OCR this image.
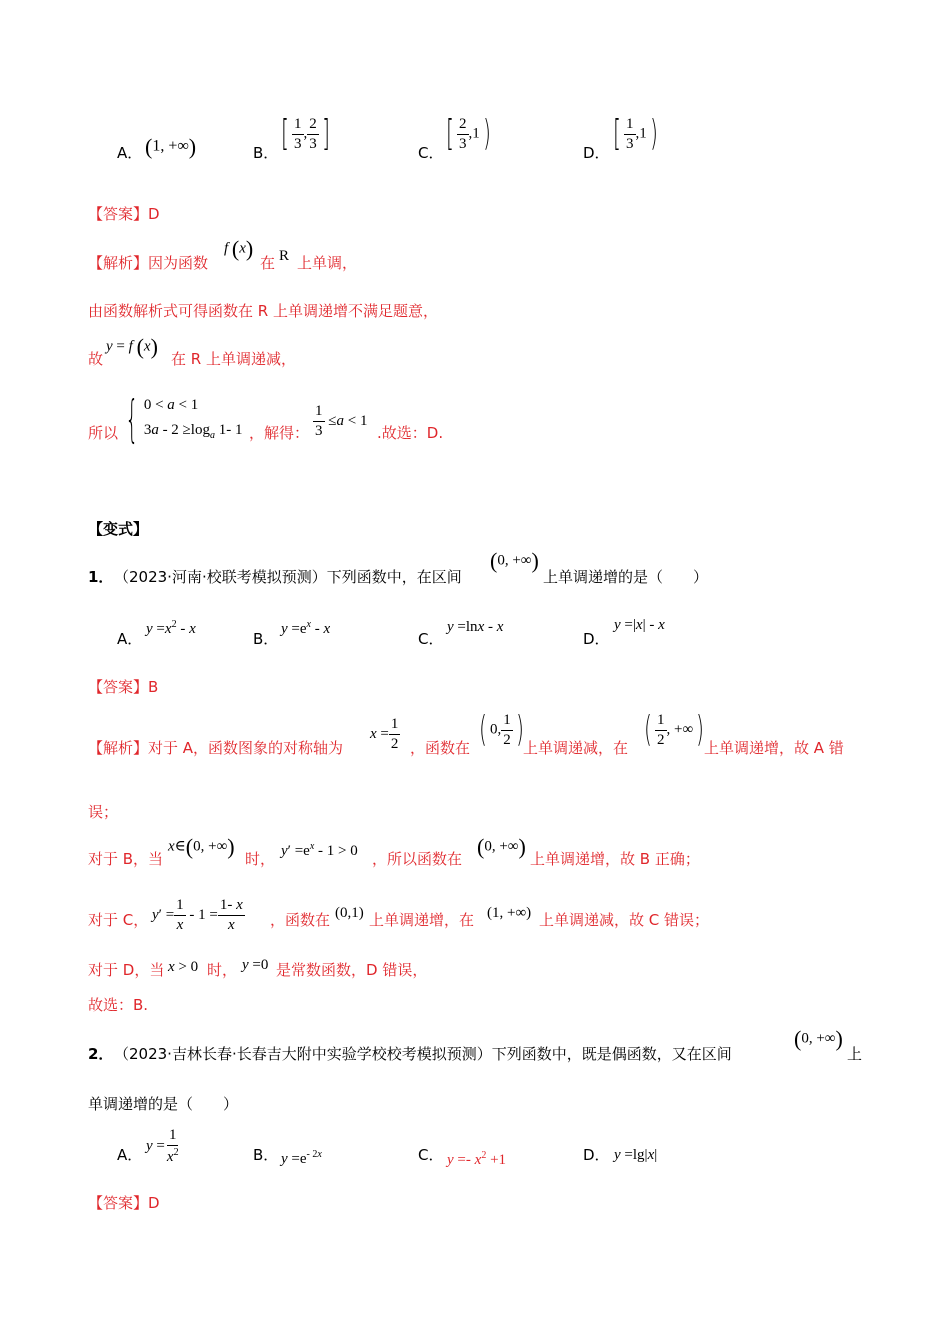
A． (1, +∞)	B． [ $\frac{1}{3}$ , $\frac{2}{3}$ ]	C． [ $\frac{2}{3} ,1$)	D． [ $\frac{1}{3} ,1$)
【答案】D
【解析】因为函数
f (x)
在 R 上单调，
由函数解析式可得函数在 R 上单调递增不满足题意，
故
y = f (x) 在 R 上单调递减，
所以 { 0 < a < 1
$3a - 2 \ge\log_a$ 1- 1 ，解得： $\frac{1}{3} \le a < 1$
.故选：D.
【变式】
1． （2023·河南·校联考模拟预测）下列函数中，在区间
(0, +∞)
上单调递增的是（　　）
A．
$y =x^2 - x$
B．
$y =e^x - x$
C．
y =lnx - x
D．
y =|x| - x
【答案】B
【解析】对于 A，函数图象的对称轴为
$x = \frac{1}{2}$ ，函数在 ( 0, $\frac{1}{2}$ ) 上单调递减，在 ( $\frac{1}{2}$ , +∞) 上单调递增，故 A 错
误；
对于 B，当
x∈(0, +∞) 时， $y' =e^x - 1 > 0$ ，所以函数在 (0, +∞) 上单调递增，故 B 正确；
对于 C， $y' = \frac{1}{x} - 1 = \frac{1- x}{x}$ ，函数在 (0,1) 上单调递增，在 (1, +∞) 上单调递减，故 C 错误；
对于 D，当 x > 0 时， y =0 是常数函数，D 错误，
故选：B.
2． （2023·吉林长春·长春吉大附中实验学校校考模拟预测）下列函数中，既是偶函数，又在区间
(0, +∞)
上
单调递增的是（　　）
A．
$y = \frac{1}{x^2}$	B． $y =e^{- 2x}$	C． $y =- x^2 +1$	D． y =lg|x|
【答案】D
